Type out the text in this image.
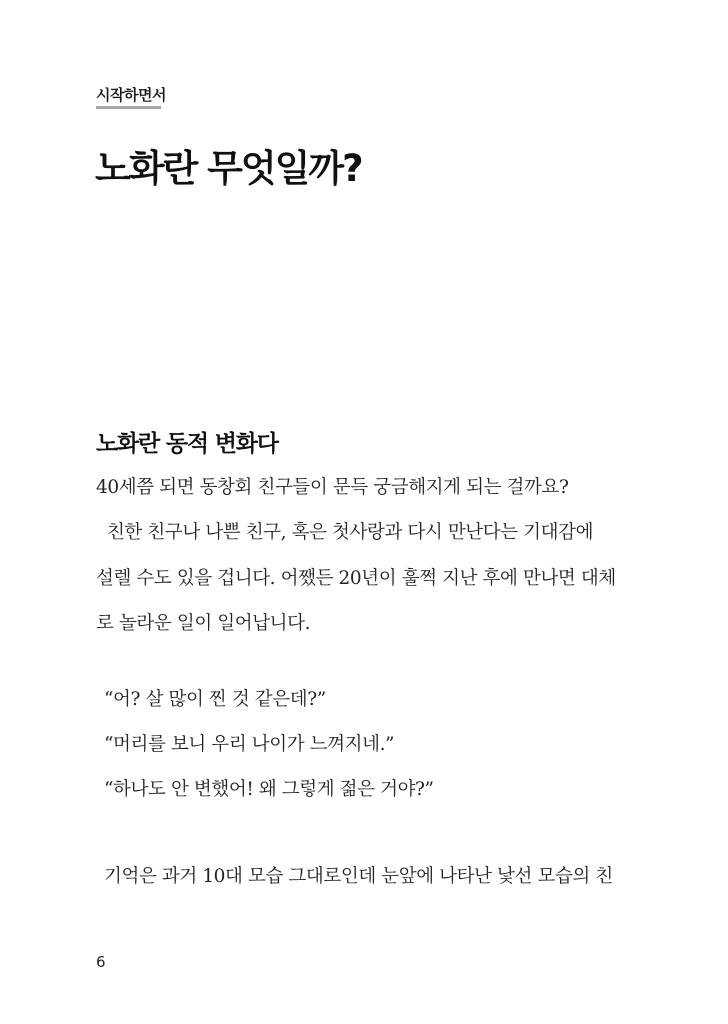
시작하면서
노화란 무엇일까?
노화란 동적 변화다
40세쯤 되면 동창회 친구들이 문득 궁금해지게 되는 걸까요?
친한 친구나 나쁜 친구, 혹은 첫사랑과 다시 만난다는 기대감에
설렐 수도 있을 겁니다. 어쨌든 20년이 훌쩍 지난 후에 만나면 대체
로 놀라운 일이 일어납니다.
“어? 살 많이 찐 것 같은데?”
“머리를 보니 우리 나이가 느껴지네.”
“하나도 안 변했어! 왜 그렇게 젊은 거야?”
기억은 과거 10대 모습 그대로인데 눈앞에 나타난 낯선 모습의 친
6
